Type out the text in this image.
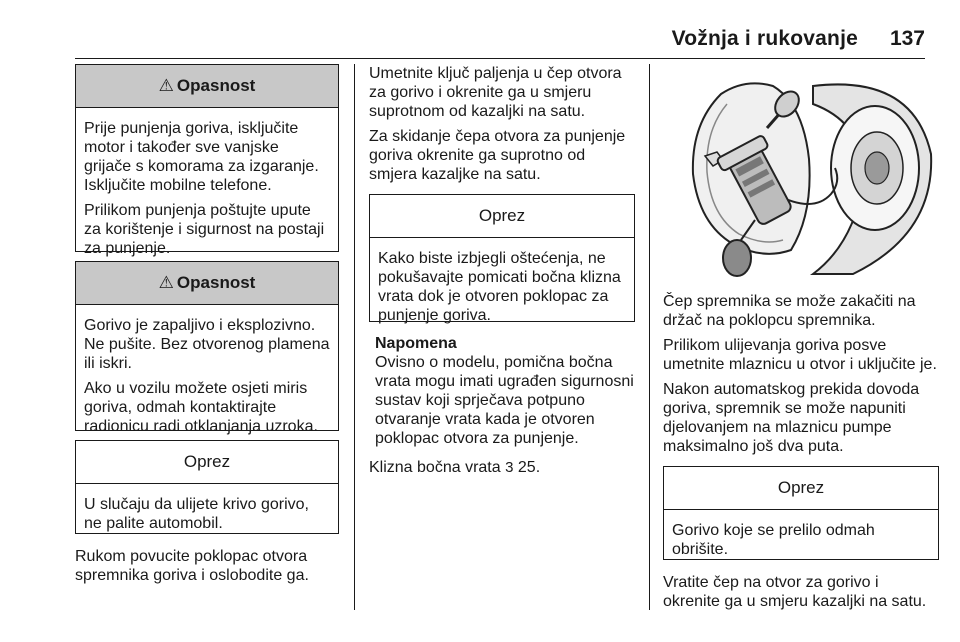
Vožnja i rukovanje 137
⚠ Opasnost

Prije punjenja goriva, isključite motor i također sve vanjske grijače s komorama za izgaranje. Isključite mobilne telefone.

Prilikom punjenja poštujte upute za korištenje i sigurnost na postaji za punjenje.

⚠ Opasnost

Gorivo je zapaljivo i eksplozivno. Ne pušite. Bez otvorenog plamena ili iskri.

Ako u vozilu možete osjeti miris goriva, odmah kontaktirajte radionicu radi otklanjanja uzroka.

Oprez

U slučaju da ulijete krivo gorivo, ne palite automobil.

Rukom povucite poklopac otvora spremnika goriva i oslobodite ga.

Umetnite ključ paljenja u čep otvora za gorivo i okrenite ga u smjeru suprotnom od kazaljki na satu.

Za skidanje čepa otvora za punjenje goriva okrenite ga suprotno od smjera kazaljke na satu.

Oprez

Kako biste izbjegli oštećenja, ne pokušavajte pomicati bočna klizna vrata dok je otvoren poklopac za punjenje goriva.

Napomena
Ovisno o modelu, pomična bočna vrata mogu imati ugrađen sigurnosni sustav koji sprječava potpuno otvaranje vrata kada je otvoren poklopac otvora za punjenje.

Klizna bočna vrata 3 25.

Čep spremnika se može zakačiti na držač na poklopcu spremnika.

Prilikom ulijevanja goriva posve umetnite mlaznicu u otvor i uključite je.

Nakon automatskog prekida dovoda goriva, spremnik se može napuniti djelovanjem na mlaznicu pumpe maksimalno još dva puta.

Oprez

Gorivo koje se prelilo odmah obrišite.

Vratite čep na otvor za gorivo i okrenite ga u smjeru kazaljki na satu.
